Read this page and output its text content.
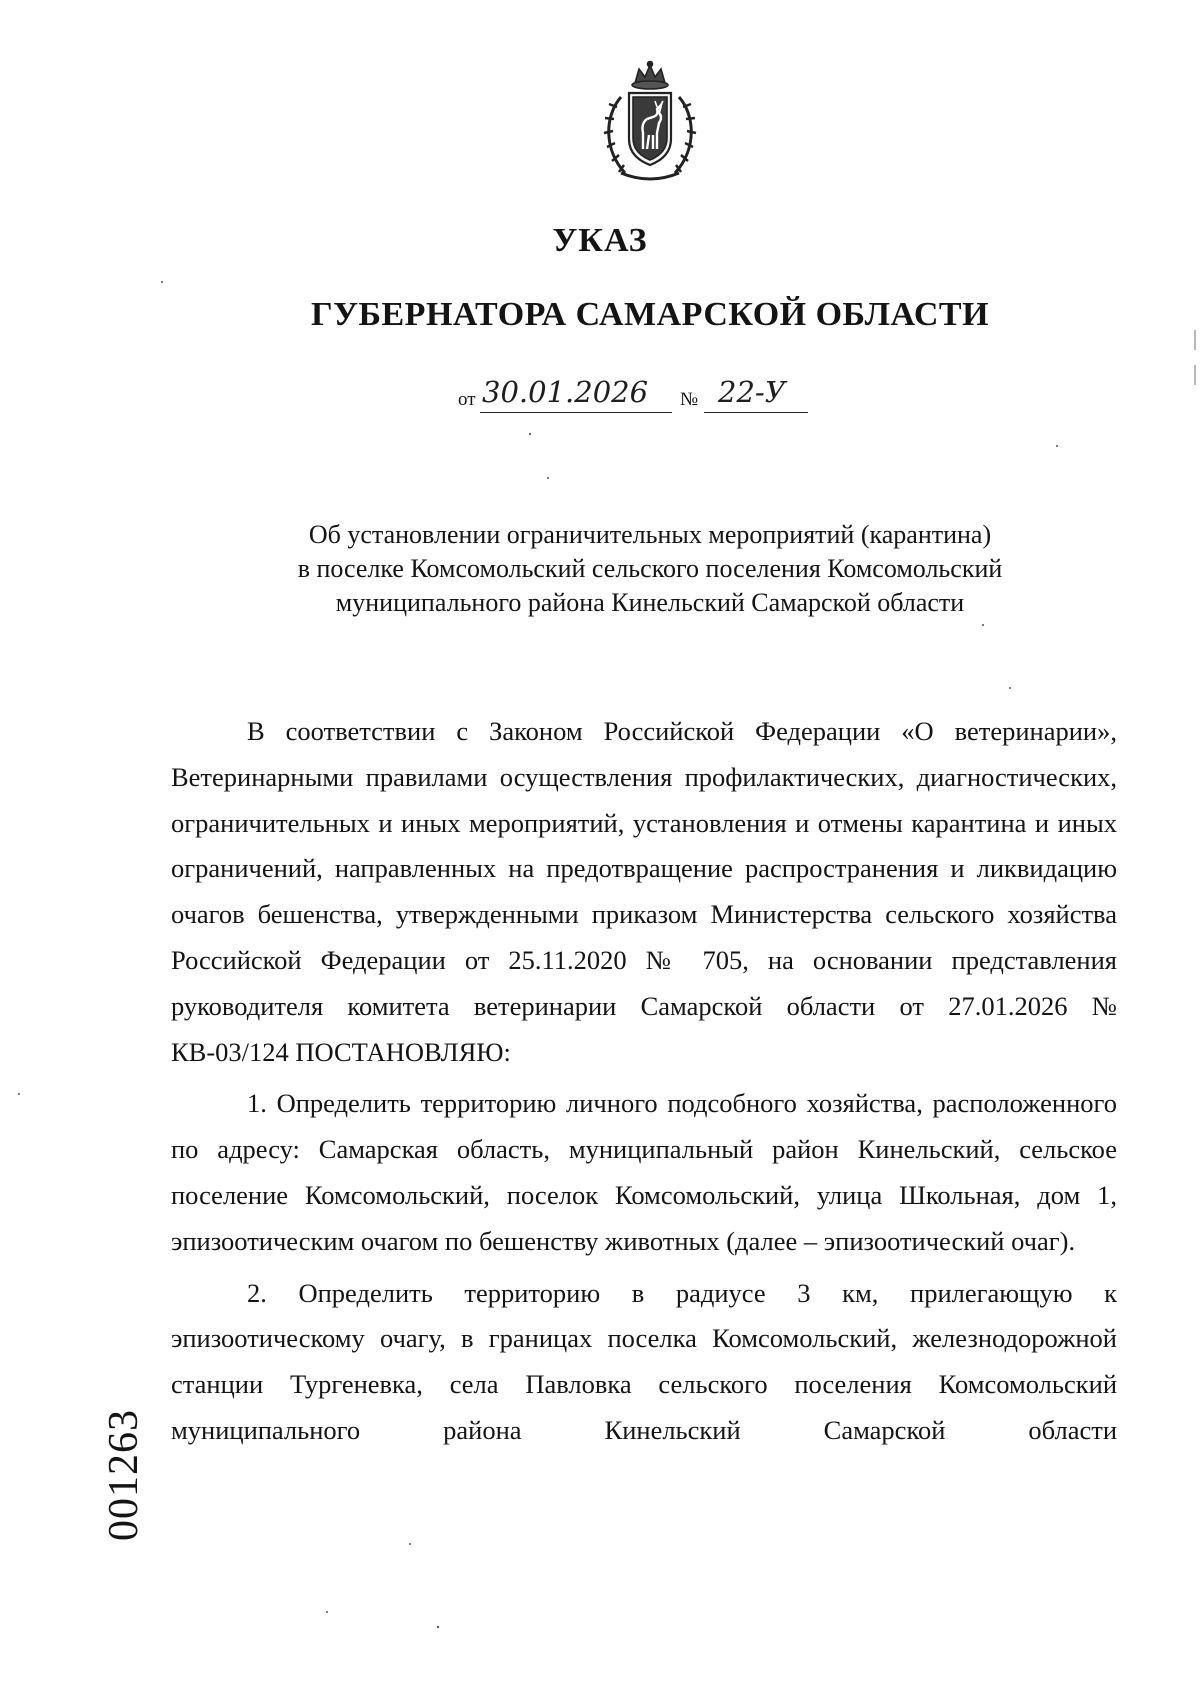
УКАЗ
ГУБЕРНАТОРА САМАРСКОЙ ОБЛАСТИ
от 30.01.2026 № 22-У
Об установлении ограничительных мероприятий (карантина)
в поселке Комсомольский сельского поселения Комсомольский
муниципального района Кинельский Самарской области

В соответствии с Законом Российской Федерации «О ветеринарии», Ветеринарными правилами осуществления профилактических, диагностических, ограничительных и иных мероприятий, установления и отмены карантина и иных ограничений, направленных на предотвращение распространения и ликвидацию очагов бешенства, утвержденными приказом Министерства сельского хозяйства Российской Федерации от 25.11.2020 № 705, на основании представления руководителя комитета ветеринарии Самарской области от 27.01.2026 № КВ-03/124 ПОСТАНОВЛЯЮ:

1. Определить территорию личного подсобного хозяйства, расположенного по адресу: Самарская область, муниципальный район Кинельский, сельское поселение Комсомольский, поселок Комсомольский, улица Школьная, дом 1, эпизоотическим очагом по бешенству животных (далее – эпизоотический очаг).

2. Определить территорию в радиусе 3 км, прилегающую к эпизоотическому очагу, в границах поселка Комсомольский, железнодорожной станции Тургеневка, села Павловка сельского поселения Комсомольский муниципального района Кинельский Самарской области

001263
